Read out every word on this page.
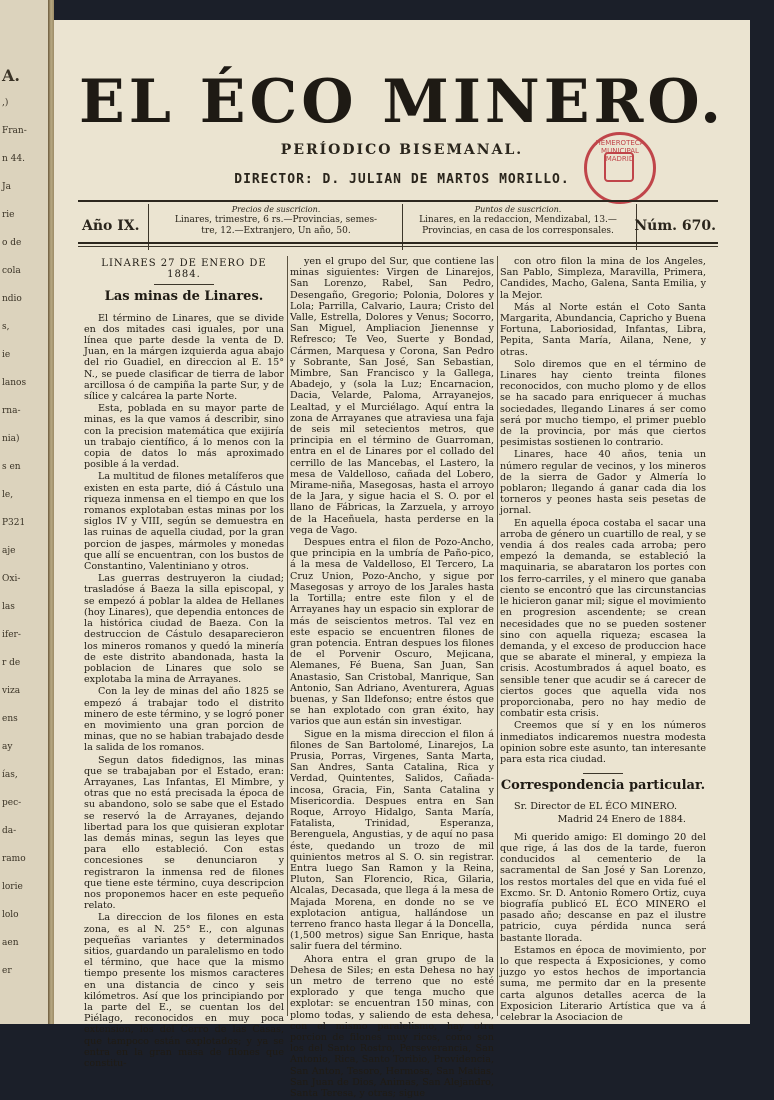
A.
,)
Fran-
n 44.
Ja
rie
o de
cola
ndio
s,
ie
lanos
rna-
nia)
s en
le,
P321
aje
Oxi-
las
ifer-
r de
viza
ens
ay
ías,
pec-
da-
ramo
lorie
lolo
aen
er
EL ÉCO MINERO.
PERÍODICO BISEMANAL.
DIRECTOR: D. JULIAN DE MARTOS MORILLO.
HEMEROTECA MUNICIPAL MADRID
Año IX.
Precios de suscricion.
Linares, trimestre, 6 rs.—Provincias, semes-
tre, 12.—Extranjero, Un año, 50.
Puntos de suscricion.
Linares, en la redaccion, Mendizabal, 13.—
Provincias, en casa de los corresponsales.	Núm. 670.
LINARES 27 DE ENERO DE 1884.
Las minas de Linares.

El término de Linares, que se divide en dos mitades casi iguales, por una línea que parte desde la venta de D. Juan, en la márgen izquierda agua abajo del rio Guadiel, en direccion al E. 15° N., se puede clasificar de tierra de labor arcillosa ó de campiña la parte Sur, y de sílice y calcárea la parte Norte.

Esta, poblada en su mayor parte de minas, es la que vamos á describir, sino con la precision matemática que exijiría un trabajo científico, á lo menos con la copia de datos lo más aproximado posible á la verdad.

La multitud de filones metalíferos que existen en esta parte, dió á Cástulo una riqueza inmensa en el tiempo en que los romanos explotaban estas minas por los siglos IV y VIII, según se demuestra en las ruinas de aquella ciudad, por la gran porcion de jaspes, mármoles y monedas que allí se encuentran, con los bustos de Constantino, Valentiniano y otros.

Las guerras destruyeron la ciudad; trasladóse á Baeza la silla episcopal, y se empezó á poblar la aldea de Hellanes (hoy Linares), que dependia entonces de la histórica ciudad de Baeza. Con la destruccion de Cástulo desaparecieron los mineros romanos y quedó la minería de este distrito abandonada, hasta la poblacion de Linares que solo se explotaba la mina de Arrayanes.

Con la ley de minas del año 1825 se empezó á trabajar todo el distrito minero de este término, y se logró poner en movimiento una gran porcion de minas, que no se habian trabajado desde la salida de los romanos.

Segun datos fidedignos, las minas que se trabajaban por el Estado, eran: Arrayanes, Las Infantas, El Mimbre, y otras que no está precisada la época de su abandono, solo se sabe que el Estado se reservó la de Arrayanes, dejando libertad para los que quisieran explotar las demás minas, segun las leyes que para ello estableció. Con estas concesiones se denunciaron y registraron la inmensa red de filones que tiene este término, cuya descripcion nos proponemos hacer en este pequeño relato.

La direccion de los filones en esta zona, es al N. 25° E., con algunas pequeñas variantes y determinados sitios, guardando un paralelismo en todo el término, que hace que la mismo tiempo presente los mismos caracteres en una distancia de cinco y seis kilómetros. Así que los principiando por la parte del E., se cuentan los del Piélago, reconocidos en muy poca extension, los del Cerro de las Casas, que tampoco están explotados; y ya se entra en la gran masa de filones que constitu-

yen el grupo del Sur, que contiene las minas siguientes: Virgen de Linarejos, San Lorenzo, Rabel, San Pedro, Desengaño, Gregorio; Polonia, Dolores y Lola; Parrilla, Calvario, Laura; Cristo del Valle, Estrella, Dolores y Venus; Socorro, San Miguel, Ampliacion Jienennse y Refresco; Te Veo, Suerte y Bondad, Cármen, Marquesa y Corona, San Pedro y Sobrante, San José, San Sebastian, Mimbre, San Francisco y la Gallega, Abadejo, y (sola la Luz; Encarnacion, Dacia, Velarde, Paloma, Arrayanejos, Lealtad, y el Murciélago. Aquí entra la zona de Arrayanes que atraviesa una faja de seis mil setecientos metros, que principia en el término de Guarroman, entra en el de Linares por el collado del cerrillo de las Mancebas, el Lastero, la mesa de Valdelloso, cañada del Lobero, Mirame-niña, Masegosas, hasta el arroyo de la Jara, y sigue hacia el S. O. por el llano de Fábricas, la Zarzuela, y arroyo de la Haceñuela, hasta perderse en la vega de Vago.

Despues entra el filon de Pozo-Ancho, que principia en la umbría de Paño-pico, á la mesa de Valdelloso, El Tercero, La Cruz Union, Pozo-Ancho, y sigue por Masegosas y arroyo de los Jarales hasta la Tortilla; entre este filon y el de Arrayanes hay un espacio sin explorar de más de seiscientos metros. Tal vez en este espacio se encuentren filones de gran potencia. Entran despues los filones de el Porvenir Oscuro, Mejicana, Alemanes, Fé Buena, San Juan, San Anastasio, San Cristobal, Manrique, San Antonio, San Adriano, Aventurera, Aguas buenas, y San Ildefonso; entre éstos que se han explotado con gran éxito, hay varios que aun están sin investigar.

Sigue en la misma direccion el filon á filones de San Bartolomé, Linarejos, La Prusia, Porras, Virgenes, Santa Marta, San Andres, Santa Catalina, Rica y Verdad, Quintentes, Salidos, Cañada-incosa, Gracia, Fin, Santa Catalina y Misericordia. Despues entra en San Roque, Arroyo Hidalgo, Santa María, Fatalista, Trinidad, Esperanza, Berenguela, Angustias, y de aquí no pasa éste, quedando un trozo de mil quinientos metros al S. O. sin registrar. Entra luego San Ramon y la Reina, Pluton, San Florencio, Rica, Gilaria, Alcalas, Decasada, que llega á la mesa de Majada Morena, en donde no se ve explotacion antigua, hallándose un terreno franco hasta llegar á la Doncella, (1,500 metros) sigue San Enrique, hasta salir fuera del término.

Ahora entra el gran grupo de la Dehesa de Siles; en esta Dehesa no hay un metro de terreno que no esté explorado y que tenga mucho que explotar: se encuentran 150 minas, con plomo todas, y saliendo de esta dehesa, con el mismo paralelismo, hay otra porcion de filones muy ricos, como son los del Santo Rostro, Perseverancia, San Antonio, Rica, Santo Toribio, Providencia, San Anton, Tesoro, Hermosa, San Matias, San Juan de Dios, Animas, San Alejandro, Santa Teresa, y otras; sigue

con otro filon la mina de los Angeles, San Pablo, Simpleza, Maravilla, Primera, Candides, Macho, Galena, Santa Emilia, y la Mejor.

Más al Norte están el Coto Santa Margarita, Abundancia, Capricho y Buena Fortuna, Laboriosidad, Infantas, Libra, Pepita, Santa María, Ailana, Nene, y otras.

Solo diremos que en el término de Linares hay ciento treinta filones reconocidos, con mucho plomo y de ellos se ha sacado para enriquecer á muchas sociedades, llegando Linares á ser como será por mucho tiempo, el primer pueblo de la provincia, por más que ciertos pesimistas sostienen lo contrario.

Linares, hace 40 años, tenia un número regular de vecinos, y los mineros de la sierra de Gador y Almería lo poblaron; llegando á ganar cada dia los torneros y peones hasta seis pesetas de jornal.

En aquella época costaba el sacar una arroba de género un cuartillo de real, y se vendia á dos reales cada arroba; pero empezó la demanda, se estableció la maquinaria, se abarataron los portes con los ferro-carriles, y el minero que ganaba ciento se encontró que las circunstancias le hicieron ganar mil; sigue el movimiento en progresion ascendente; se crean necesidades que no se pueden sostener sino con aquella riqueza; escasea la demanda, y el exceso de produccion hace que se abarate el mineral, y empieza la crisis. Acostumbrados á aquel boato, es sensible tener que acudir se á carecer de ciertos goces que aquella vida nos proporcionaba, pero no hay medio de combatir esta crisis.

Creemos que sí y en los números inmediatos indicaremos nuestra modesta opinion sobre este asunto, tan interesante para esta rica ciudad.

Correspondencia particular.

Sr. Director de EL ÉCO MINERO.

Madrid 24 Enero de 1884.

Mi querido amigo: El domingo 20 del que rige, á las dos de la tarde, fueron conducidos al cementerio de la sacramental de San José y San Lorenzo, los restos mortales del que en vida fué el Excmo. Sr. D. Antonio Romero Ortiz, cuya biografía publicó EL ÉCO MINERO el pasado año; descanse en paz el ilustre patricio, cuya pérdida nunca será bastante llorada.

Estamos en época de movimiento, por lo que respecta á Exposiciones, y como juzgo yo estos hechos de importancia suma, me permito dar en la presente carta algunos detalles acerca de la Exposicion Literario Artística que va á celebrar la Asociacion de
